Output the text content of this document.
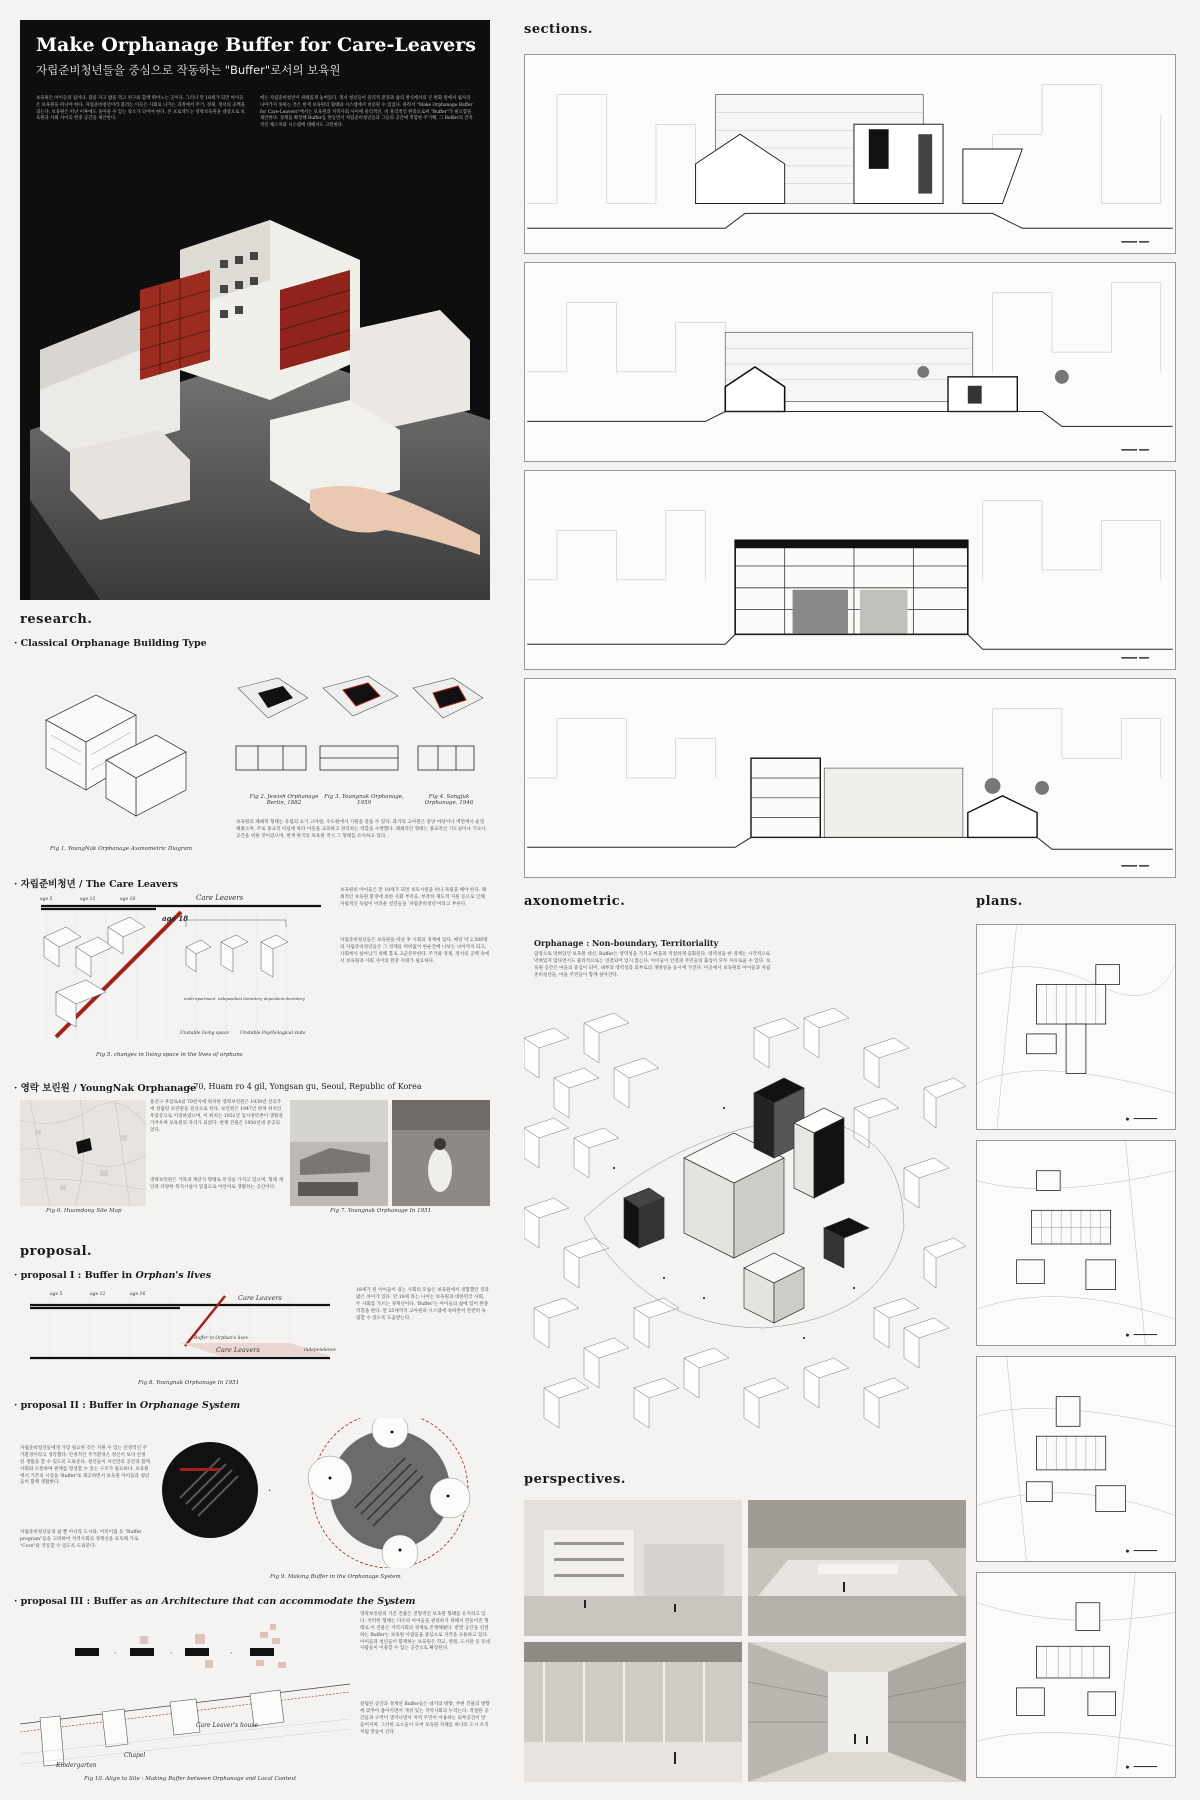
Make Orphanage Buffer for Care-Leavers
자립준비청년들을 중심으로 작동하는 "Buffer"로서의 보육원
보육원은 아이들의 집이다. 잠을 자고 밥을 먹고 친구와 함께 뛰어노는 곳이다. 그러나 만 18세가 되면 아이들은 보육원을 떠나야 한다. 자립준비청년이라 불리는 이들은 사회로 나가는 과정에서 주거, 경제, 정서의 공백을 겪는다. 보육원은 떠난 이후에도 돌아올 수 있는 장소가 되어야 한다. 본 프로젝트는 영락보육원을 대상으로 보육원과 사회 사이의 완충 공간을 제안한다.
에는 자립준비청년이 위태롭게 놓여있다. 정서 청년들이 물리적 환경과 삶의 방식에서의 큰 변화 앞에서 쉽사리 나아가지 못하는 것은 현재 보육원의 형태와 시스템에서 비롯될 수 있었다. 따라서 "Make Orphanage Buffer for Care-Leavers"에서는 보육원과 지역사회 사이에 물리적인, 비 물리적인 완충으로써 "Buffer"가 필요함을 제안한다. 경계를 확장해 Buffer를 만들면서 자립준비청년들과 그들의 공간에 적합한 주거해, 그 Buffer의 건축적인 체스처와 시스템에 대해서도 고민한다.
research.
· Classical Orphanage Building Type
Fig 1. YoungNak Orphanage Axonometric Diagram
Fig 2. Jewish Orphanage Berlin, 1882
Fig 3. Youngnak Orphanage, 1959
Fig 4. Songjuk Orphanage, 1946
보육원의 폐쇄적 형태는 유럽의 초기 고아원, 수도원에서 기원을 찾을 수 있다. 과거의 고아원은 중앙 마당이나 벽면에서 운영해왔으며, 주로 종교적 이념에 따라 아동을 교육하고 관리하는 역할을 수행했다. 폐쇄적인 형태는 종교적인 기도실이나 기숙사 공간을 위한 것이었으며, 현재 한국의 보육원 역시 그 형태를 유지하고 있다.
· 자립준비청년 / The Care Leavers
Care Leavers
age 5	age 12	age 16
age 18
multi-apartment independent dormitory dependent dormitory
Unstable living space Unstable Psychological state
Fig 5. changes in living space in the lives of orphans
보육원의 아이들은 만 18세가 되면 보호시설을 떠나 독립을 해야 한다. 폐쇄적인 보육원 환경에 의한 사회 부적응, 부족한 제도적 지원 등으로 인해 자립적인 독립이 어려운 청년들을 '자립준비청년'이라고 부른다.
자립준비청년들은 보육원을 떠난 후 사회의 경계에 있다. 매년 약 2,500명의 자립준비청년들은 그 경계를 허비없이 한순간에 나뉘는 나이까지 되고, 사회에서 살아남기 위해 홀로 고군분투한다. 주거와 경제, 정서의 공백 속에서 보육원과 사회 사이의 완충 지대가 필요하다.
· 영락 보린원 / YoungNak Orphanage
: 70, Huam ro 4 gil, Yongsan gu, Seoul, Republic of Korea
Fig 6. Huamdong Site Map
용산구 후암로4길 70번지에 위치한 영락보린원은 1939년 신의주에 설립된 보린원을 전신으로 한다. 보린원은 1947년 현재 위치인 후암동으로 이전하였으며, 이 위치는 1951년 임시천막촌이 생활권 가까우며 보육원의 자리가 되었다. 현재 건물은 1950년대 준공되었다.
영락보린원은 거목과 계단식 형태로 특징을 가지고 있으며, 형태 계단과 다양한 복지시설이 밀접으로 어린이로 생활하는 공간이다.
Fig 7. Youngnak Orphanage In 1951
proposal.
· proposal I : Buffer in Orphan's lives
age 5	age 12	age 16	Care Leavers
Buffer in Orphan's lives
Care Leavers	independence
Fig 8. Youngnak Orphanage In 1951
18세가 된 아이들이 겪는 사회의 모습은 보육원에서 경험했던 것과 많은 차이가 있다. 만 18세 라는 나이는 보육원과 대한민국 사회, 두 사회를 가르는 경계선이다. 'Buffer'는 아이들의 삶에 있어 완충역할을 한다. 만 25세까지 고아원의 시스템에 속하면서 완전히 독립할 수 있도록 도움받는다.
· proposal II : Buffer in Orphanage System
자립준비청년들에게 가장 필요한 것은 지원 수 있는 안정적인 주거환경이라고 생각했다. 안정적인 주거환경은 정신이 보다 안정된 생활을 할 수 있도록 도와준다. 청년들이 자신만의 공간과 함께 사회와 소통하며 관계를 형성할 수 있는 구조가 필요하다. 보육원에서 기존의 시설을 'Buffer'로 제공하면서 보육원 아이들과 청년들이 함께 생활한다.
자립준비청년들의 삶 뿐 아니라 도시와, 어린이집 등 "Buffer program"들을 고려하여 지역사회의 경계선을 보호해 가로 "Core"와 작동할 수 있도록 도와준다.
·
Fig 9. Making Buffer in the Orphanage System
· proposal III : Buffer as an Architecture that can accommodate the System
·	·	·
Care Leaver's house
Chapel
Kindergarten
Fig 10. Align to Site : Making Buffer between Orphanage and Local Context
영락보린원의 기존 건물은 전형적인 보육원 형태를 유지하고 있다. 이러한 형태는 다수의 아이들을 관리하기 위해서 만들어진 형태로 이 건물은 지역사회의 경계로 존재해왔다. 반면 공간을 연결하는 Buffer는 보육원 사람들을 중심으로 지역을 포용하고 있다. 아이들과 청년들이 함께하는 보육원은 학교, 병원, 도서관 등 동네 사람들이 이용할 수 있는 공간으로 확장된다.
갈림된 공간과 경계선 Buffer들은 대지의 방향, 주변 건물의 방향에 맞추어 좁아지면서 개성 있는 지역사회의 누리는다. 적절한 공간들과 구역이 생겨나면서 지역 주민이 이용하는 외부공간이 만들어지며, 그러한 요소들이 모여 보육원 자체를 하나의 도시 조직처럼 만들어 간다.
sections.
axonometric.
Orphanage : Non-boundary, Territoriality
담장으로 막혀있던 보육원 대신, Buffer는 영역성을 가지고 마을과 적절하게 융화된다. 영역성을 한 경계는 시각적으로 막혀있지 않다면서도 물리적으로는 연결되어 있지 않는다. 아이들이 안전과 주민들의 출입이 모두 자유로울 수 있다. 보육원 공간은 마을의 중심이 되어, 내부의 영역성과 외부로의 개방성을 동시에 가진다. 이곳에서 보육원의 아이들과 자립준비청년들, 마을 주민들이 함께 살아간다.
plans.
perspectives.
